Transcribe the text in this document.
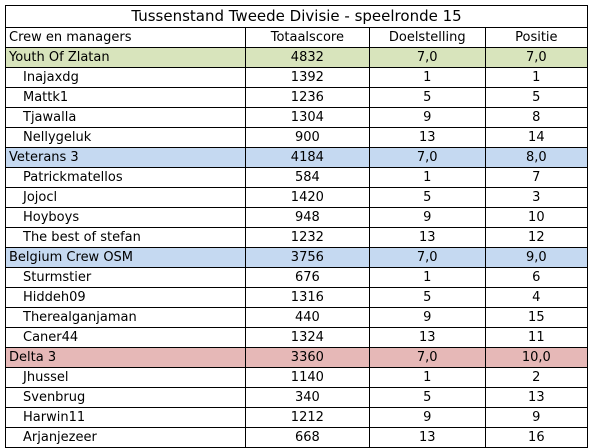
Tussenstand Tweede Divisie - speelronde 15			
Crew en managers	Totaalscore	Doelstelling	Positie
Youth Of Zlatan	4832	7,0	7,0
Inajaxdg	1392	1	1
Mattk1	1236	5	5
Tjawalla	1304	9	8
Nellygeluk	900	13	14
Veterans 3	4184	7,0	8,0
Patrickmatellos	584	1	7
Jojocl	1420	5	3
Hoyboys	948	9	10
The best of stefan	1232	13	12
Belgium Crew OSM	3756	7,0	9,0
Sturmstier	676	1	6
Hiddeh09	1316	5	4
Therealganjaman	440	9	15
Caner44	1324	13	11
Delta 3	3360	7,0	10,0
Jhussel	1140	1	2
Svenbrug	340	5	13
Harwin11	1212	9	9
Arjanjezeer	668	13	16
